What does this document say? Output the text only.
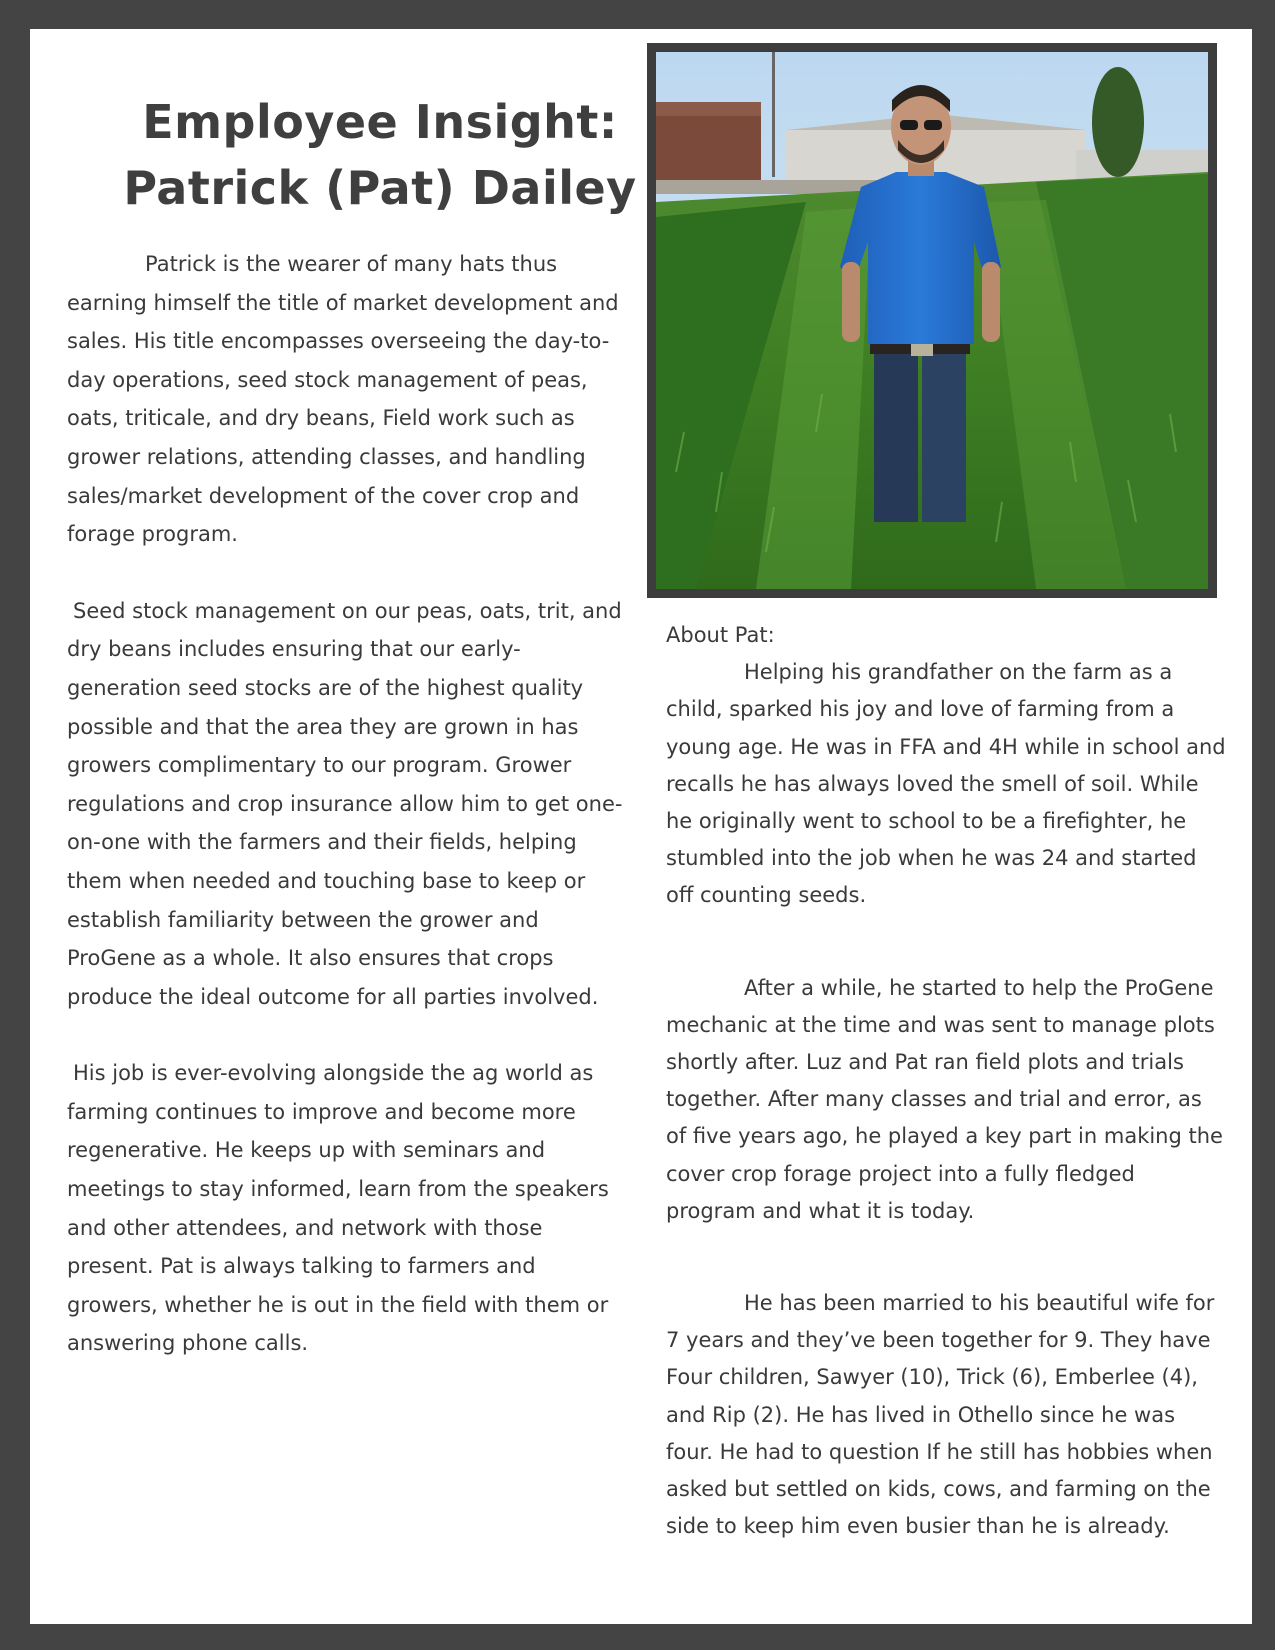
Employee Insight:
Patrick (Pat) Dailey

Patrick is the wearer of many hats thus earning himself the title of market development and sales. His title encompasses overseeing the day-to-day operations, seed stock management of peas, oats, triticale, and dry beans, Field work such as grower relations, attending classes, and handling sales/market development of the cover crop and forage program.

Seed stock management on our peas, oats, trit, and dry beans includes ensuring that our early-generation seed stocks are of the highest quality possible and that the area they are grown in has growers complimentary to our program. Grower regulations and crop insurance allow him to get one-on-one with the farmers and their fields, helping them when needed and touching base to keep or establish familiarity between the grower and ProGene as a whole. It also ensures that crops produce the ideal outcome for all parties involved.

His job is ever-evolving alongside the ag world as farming continues to improve and become more regenerative. He keeps up with seminars and meetings to stay informed, learn from the speakers and other attendees, and network with those present. Pat is always talking to farmers and growers, whether he is out in the field with them or answering phone calls.

About Pat:

Helping his grandfather on the farm as a child, sparked his joy and love of farming from a young age. He was in FFA and 4H while in school and recalls he has always loved the smell of soil. While he originally went to school to be a firefighter, he stumbled into the job when he was 24 and started off counting seeds.

After a while, he started to help the ProGene mechanic at the time and was sent to manage plots shortly after. Luz and Pat ran field plots and trials together. After many classes and trial and error, as of five years ago, he played a key part in making the cover crop forage project into a fully fledged program and what it is today.

He has been married to his beautiful wife for 7 years and they’ve been together for 9. They have Four children, Sawyer (10), Trick (6), Emberlee (4), and Rip (2). He has lived in Othello since he was four. He had to question If he still has hobbies when asked but settled on kids, cows, and farming on the side to keep him even busier than he is already.
